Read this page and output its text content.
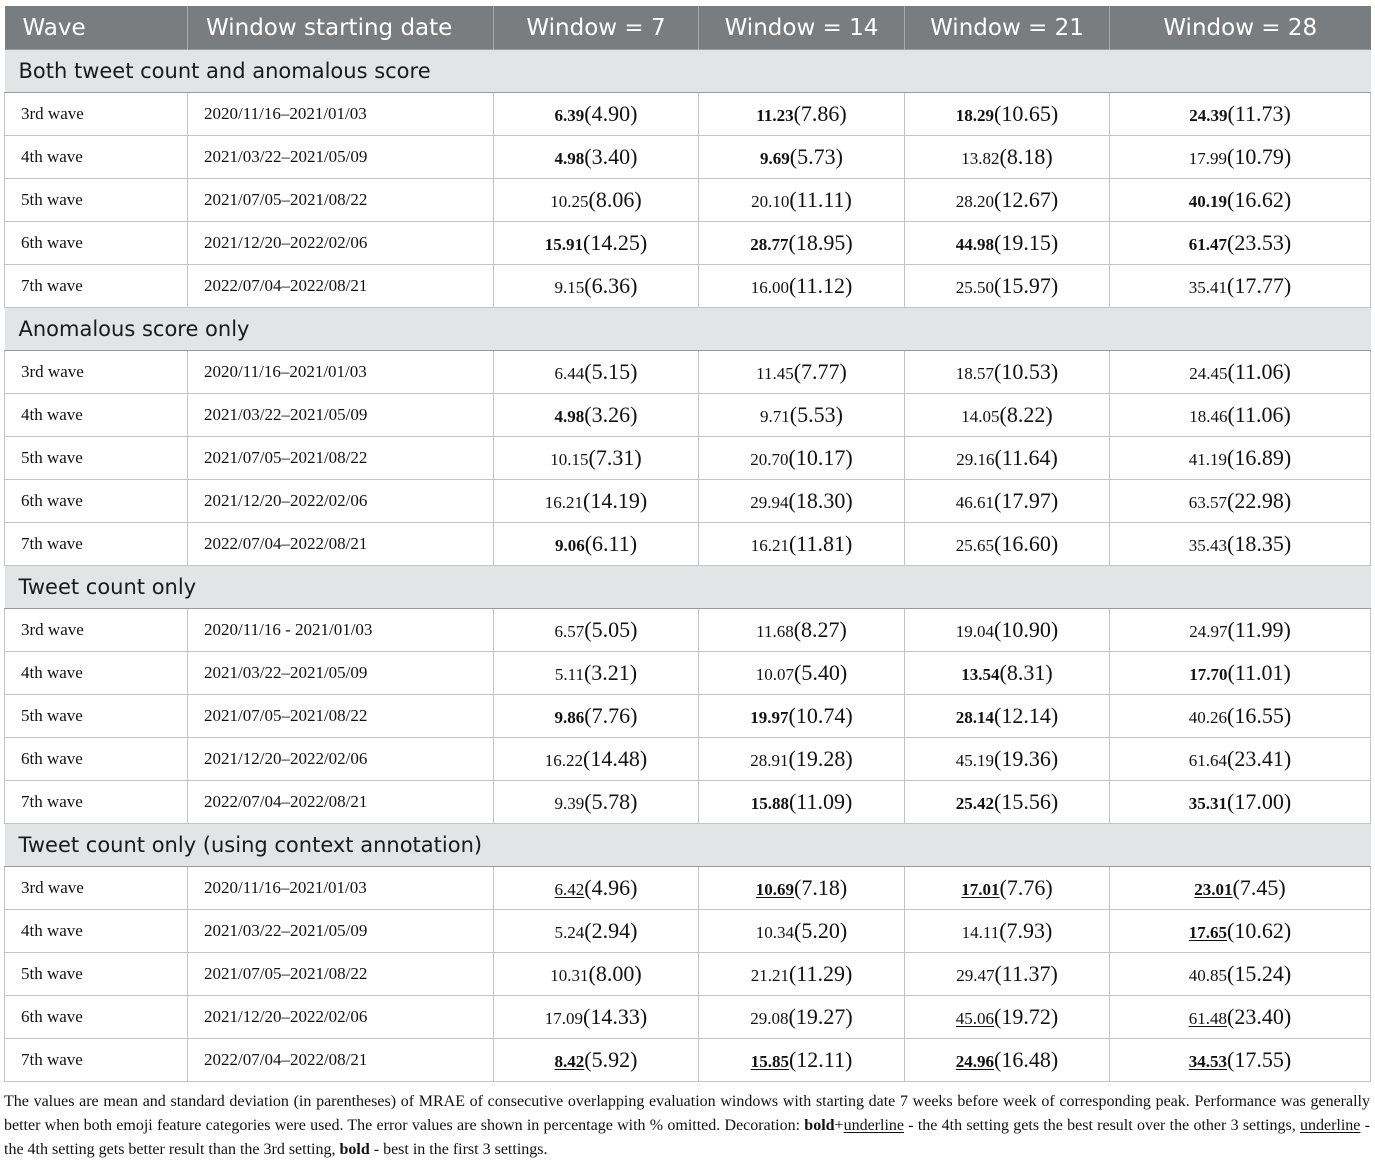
Wave	Window starting date	Window = 7	Window = 14	Window = 21	Window = 28
Both tweet count and anomalous score					
3rd wave	2020/11/16–2021/01/03	6.39(4.90)	11.23(7.86)	18.29(10.65)	24.39(11.73)
4th wave	2021/03/22–2021/05/09	4.98(3.40)	9.69(5.73)	13.82(8.18)	17.99(10.79)
5th wave	2021/07/05–2021/08/22	10.25(8.06)	20.10(11.11)	28.20(12.67)	40.19(16.62)
6th wave	2021/12/20–2022/02/06	15.91(14.25)	28.77(18.95)	44.98(19.15)	61.47(23.53)
7th wave	2022/07/04–2022/08/21	9.15(6.36)	16.00(11.12)	25.50(15.97)	35.41(17.77)
Anomalous score only					
3rd wave	2020/11/16–2021/01/03	6.44(5.15)	11.45(7.77)	18.57(10.53)	24.45(11.06)
4th wave	2021/03/22–2021/05/09	4.98(3.26)	9.71(5.53)	14.05(8.22)	18.46(11.06)
5th wave	2021/07/05–2021/08/22	10.15(7.31)	20.70(10.17)	29.16(11.64)	41.19(16.89)
6th wave	2021/12/20–2022/02/06	16.21(14.19)	29.94(18.30)	46.61(17.97)	63.57(22.98)
7th wave	2022/07/04–2022/08/21	9.06(6.11)	16.21(11.81)	25.65(16.60)	35.43(18.35)
Tweet count only					
3rd wave	2020/11/16 - 2021/01/03	6.57(5.05)	11.68(8.27)	19.04(10.90)	24.97(11.99)
4th wave	2021/03/22–2021/05/09	5.11(3.21)	10.07(5.40)	13.54(8.31)	17.70(11.01)
5th wave	2021/07/05–2021/08/22	9.86(7.76)	19.97(10.74)	28.14(12.14)	40.26(16.55)
6th wave	2021/12/20–2022/02/06	16.22(14.48)	28.91(19.28)	45.19(19.36)	61.64(23.41)
7th wave	2022/07/04–2022/08/21	9.39(5.78)	15.88(11.09)	25.42(15.56)	35.31(17.00)
Tweet count only (using context annotation)					
3rd wave	2020/11/16–2021/01/03	6.42(4.96)	10.69(7.18)	17.01(7.76)	23.01(7.45)
4th wave	2021/03/22–2021/05/09	5.24(2.94)	10.34(5.20)	14.11(7.93)	17.65(10.62)
5th wave	2021/07/05–2021/08/22	10.31(8.00)	21.21(11.29)	29.47(11.37)	40.85(15.24)
6th wave	2021/12/20–2022/02/06	17.09(14.33)	29.08(19.27)	45.06(19.72)	61.48(23.40)
7th wave	2022/07/04–2022/08/21	8.42(5.92)	15.85(12.11)	24.96(16.48)	34.53(17.55)

The values are mean and standard deviation (in parentheses) of MRAE of consecutive overlapping evaluation windows with starting date 7 weeks before week of corresponding peak. Performance was generally better when both emoji feature categories were used. The error values are shown in percentage with % omitted. Decoration: bold+underline - the 4th setting gets the best result over the other 3 settings, underline - the 4th setting gets better result than the 3rd setting, bold - best in the first 3 settings.
